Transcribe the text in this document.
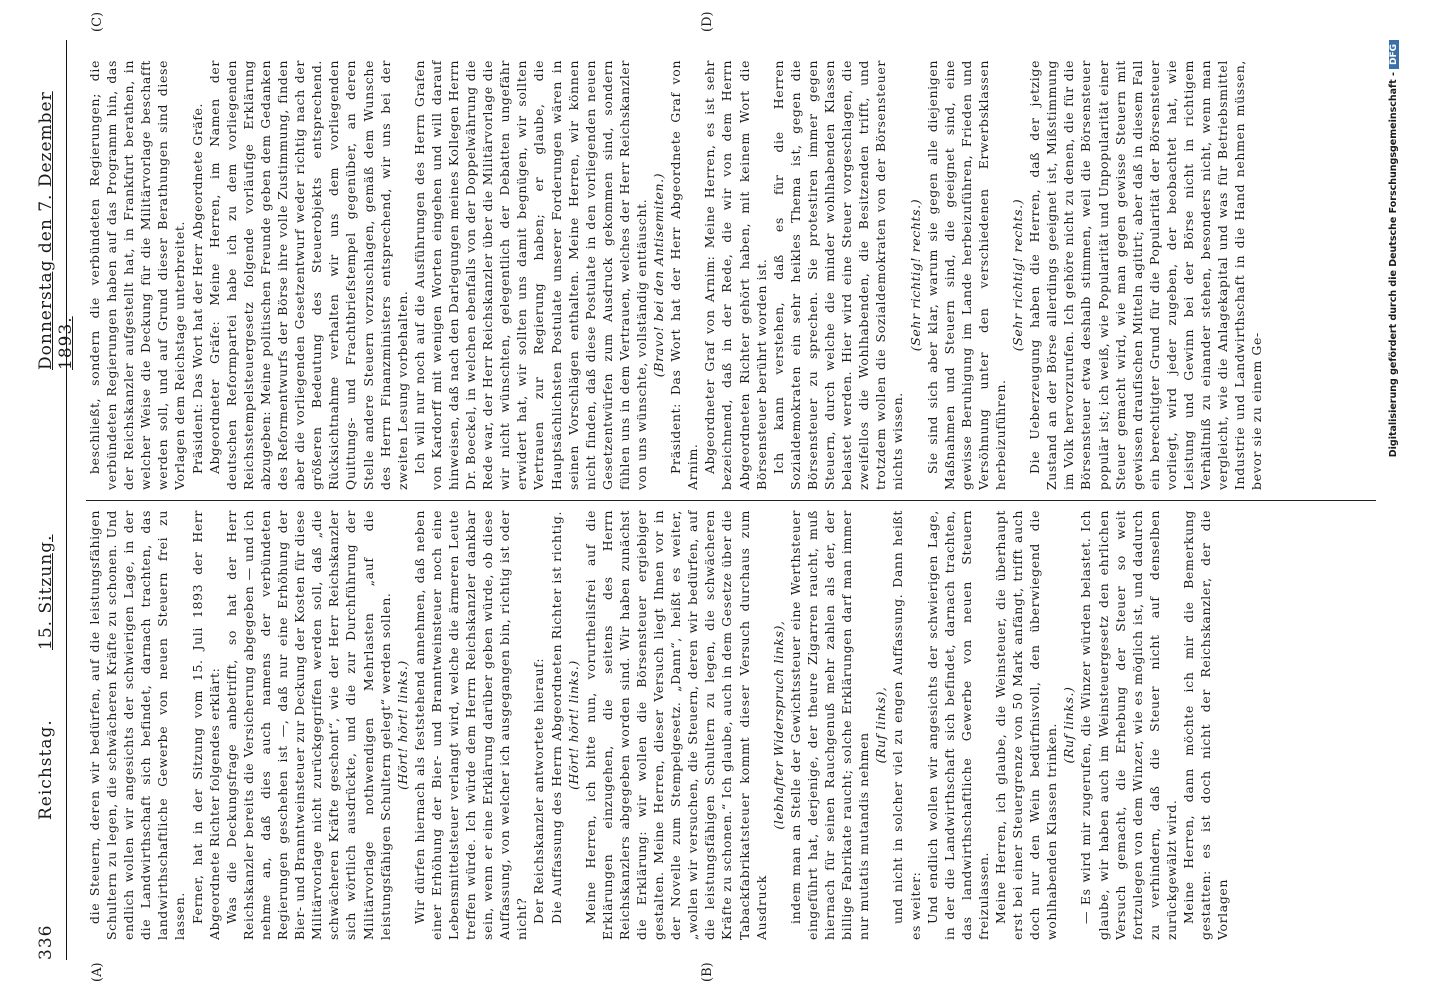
336
Reichstag.
15. Sitzung.
Donnerstag den 7. Dezember 1893.
(A)	(B)
(C)	(D)

die Steuern, deren wir bedürfen, auf die leistungsfähigen Schultern zu legen, die schwächeren Kräfte zu schonen. Und endlich wollen wir angesichts der schwierigen Lage, in der die Landwirthschaft sich befindet, darnach trachten, das landwirthschaftliche Gewerbe von neuen Steuern frei zu lassen. Ferner, hat in der Sitzung vom 15. Juli 1893 der Herr Abgeordnete Richter folgendes erklärt: Was die Deckungsfrage anbetrifft, so hat der Herr Reichskanzler bereits die Versicherung abgegeben — und ich nehme an, daß dies auch namens der verbündeten Regierungen geschehen ist —, daß nur eine Erhöhung der Bier- und Branntweinsteuer zur Deckung der Kosten für diese Militärvorlage nicht zurückgegriffen werden soll, daß „die schwächeren Kräfte geschont“, wie der Herr Reichskanzler sich wörtlich ausdrückte, und die zur Durchführung der Militärvorlage nothwendigen Mehrlasten „auf die leistungsfähigen Schultern gelegt“ werden sollen. (Hört! hört! links.) Wir dürfen hiernach als feststehend annehmen, daß neben einer Erhöhung der Bier- und Branntweinsteuer noch eine Lebensmittelsteuer verlangt wird, welche die ärmeren Leute treffen würde. Ich würde dem Herrn Reichskanzler dankbar sein, wenn er eine Erklärung darüber geben würde, ob diese Auffassung, von welcher ich ausgegangen bin, richtig ist oder nicht? Der Reichskanzler antwortete hierauf: Die Auffassung des Herrn Abgeordneten Richter ist richtig. (Hört! hört! links.) Meine Herren, ich bitte nun, vorurtheilsfrei auf die Erklärungen einzugehen, die seitens des Herrn Reichskanzlers abgegeben worden sind. Wir haben zunächst die Erklärung: wir wollen die Börsensteuer ergiebiger gestalten. Meine Herren, dieser Versuch liegt Ihnen vor in der Novelle zum Stempelgesetz. „Dann“, heißt es weiter, „wollen wir versuchen, die Steuern, deren wir bedürfen, auf die leistungsfähigen Schultern zu legen, die schwächeren Kräfte zu schonen.“ Ich glaube, auch in dem Gesetze über die Tabackfabrikatsteuer kommt dieser Versuch durchaus zum Ausdruck

(lebhafter Widerspruch links), indem man an Stelle der Gewichtssteuer eine Werthsteuer eingeführt hat, derjenige, der theure Zigarren raucht, muß hiernach für seinen Rauchgenuß mehr zahlen als der, der billige Fabrikate raucht; solche Erklärungen darf man immer nur mutatis mutandis nehmen

(Ruf links), und nicht in solcher viel zu engen Auffassung. Dann heißt es weiter: Und endlich wollen wir angesichts der schwierigen Lage, in der die Landwirthschaft sich befindet, darnach trachten, das landwirthschaftliche Gewerbe von neuen Steuern freizulassen. Meine Herren, ich glaube, die Weinsteuer, die überhaupt erst bei einer Steuergrenze von 50 Mark anfängt, trifft auch doch nur den Wein bedürfnisvoll, den überwiegend die wohlhabenden Klassen trinken. (Ruf links.) — Es wird mir zugerufen, die Winzer würden belastet. Ich glaube, wir haben auch im Weinsteuergesetz den ehrlichen Versuch gemacht, die Erhebung der Steuer so weit fortzulegen von dem Winzer, wie es möglich ist, und dadurch zu verhindern, daß die Steuer nicht auf denselben zurückgewälzt wird. Meine Herren, dann möchte ich mir die Bemerkung gestatten: es ist doch nicht der Reichskanzler, der die Vorlagen

beschließt, sondern die verbündeten Regierungen; die verbündeten Regierungen haben auf das Programm hin, das der Reichskanzler aufgestellt hat, in Frankfurt berathen, in welcher Weise die Deckung für die Militärvorlage beschafft werden soll, und auf Grund dieser Berathungen sind diese Vorlagen dem Reichstage unterbreitet. Präsident: Das Wort hat der Herr Abgeordnete Gräfe. Abgeordneter Gräfe: Meine Herren, im Namen der deutschen Reformpartei habe ich zu dem vorliegenden Reichsstempelsteuergesetz folgende vorläufige Erklärung abzugeben: Meine politischen Freunde geben dem Gedanken des Reformentwurfs der Börse ihre volle Zustimmung, finden aber die vorliegenden Gesetzentwurf weder richtig nach der größeren Bedeutung des Steuerobjekts entsprechend. Rücksichtnahme verhalten wir uns dem vorliegenden Quittungs- und Frachtbriefstempel gegenüber, an deren Stelle andere Steuern vorzuschlagen, gemäß dem Wunsche des Herrn Finanzministers entsprechend, wir uns bei der zweiten Lesung vorbehalten. Ich will nur noch auf die Ausführungen des Herrn Grafen von Kardorff mit wenigen Worten eingehen und will darauf hinweisen, daß nach den Darlegungen meines Kollegen Herrn Dr. Boeckel, in welchen ebenfalls von der Doppelwährung die Rede war, der Herr Reichskanzler über die Militärvorlage die wir nicht wünschten, gelegentlich der Debatten ungefähr erwidert hat, wir sollten uns damit begnügen, wir sollten Vertrauen zur Regierung haben; er glaube, die Hauptsächlichsten Postulate unserer Forderungen wären in seinen Vorschlägen enthalten. Meine Herren, wir können nicht finden, daß diese Postulate in den vorliegenden neuen Gesetzentwürfen zum Ausdruck gekommen sind, sondern fühlen uns in dem Vertrauen, welches der Herr Reichskanzler von uns wünschte, vollständig enttäuscht. (Bravo! bei den Antisemiten.) Präsident: Das Wort hat der Herr Abgeordnete Graf von Arnim. Abgeordneter Graf von Arnim: Meine Herren, es ist sehr bezeichnend, daß in der Rede, die wir von dem Herrn Abgeordneten Richter gehört haben, mit keinem Wort die Börsensteuer berührt worden ist. Ich kann verstehen, daß es für die Herren Sozialdemokraten ein sehr heikles Thema ist, gegen die Börsensteuer zu sprechen. Sie protestiren immer gegen Steuern, durch welche die minder wohlhabenden Klassen belastet werden. Hier wird eine Steuer vorgeschlagen, die zweifellos die Wohlhabenden, die Besitzenden trifft, und trotzdem wollen die Sozialdemokraten von der Börsensteuer nichts wissen.

(Sehr richtig! rechts.) Sie sind sich aber klar, warum sie gegen alle diejenigen Maßnahmen und Steuern sind, die geeignet sind, eine gewisse Beruhigung im Lande herbeizuführen, Frieden und Versöhnung unter den verschiedenen Erwerbsklassen herbeizuführen.

(Sehr richtig! rechts.) Die Ueberzeugung haben die Herren, daß der jetzige Zustand an der Börse allerdings geeignet ist, Mißstimmung im Volk hervorzurufen. Ich gehöre nicht zu denen, die für die Börsensteuer etwa deshalb stimmen, weil die Börsensteuer populär ist; ich weiß, wie Popularität und Unpopularität einer Steuer gemacht wird, wie man gegen gewisse Steuern mit gewissen draufischen Mitteln agitirt; aber daß in diesem Fall ein berechtigter Grund für die Popularität der Börsensteuer vorliegt, wird jeder zugeben, der beobachtet hat, wie Leistung und Gewinn bei der Börse nicht in richtigem Verhältniß zu einander stehen, besonders nicht, wenn man vergleicht, wie die Anlagekapital und was für Betriebsmittel Industrie und Landwirthschaft in die Hand nehmen müssen, bevor sie zu einem Ge-	Digitalisierung gefördert durch die Deutsche Forschungsgemeinschaft -DFG
